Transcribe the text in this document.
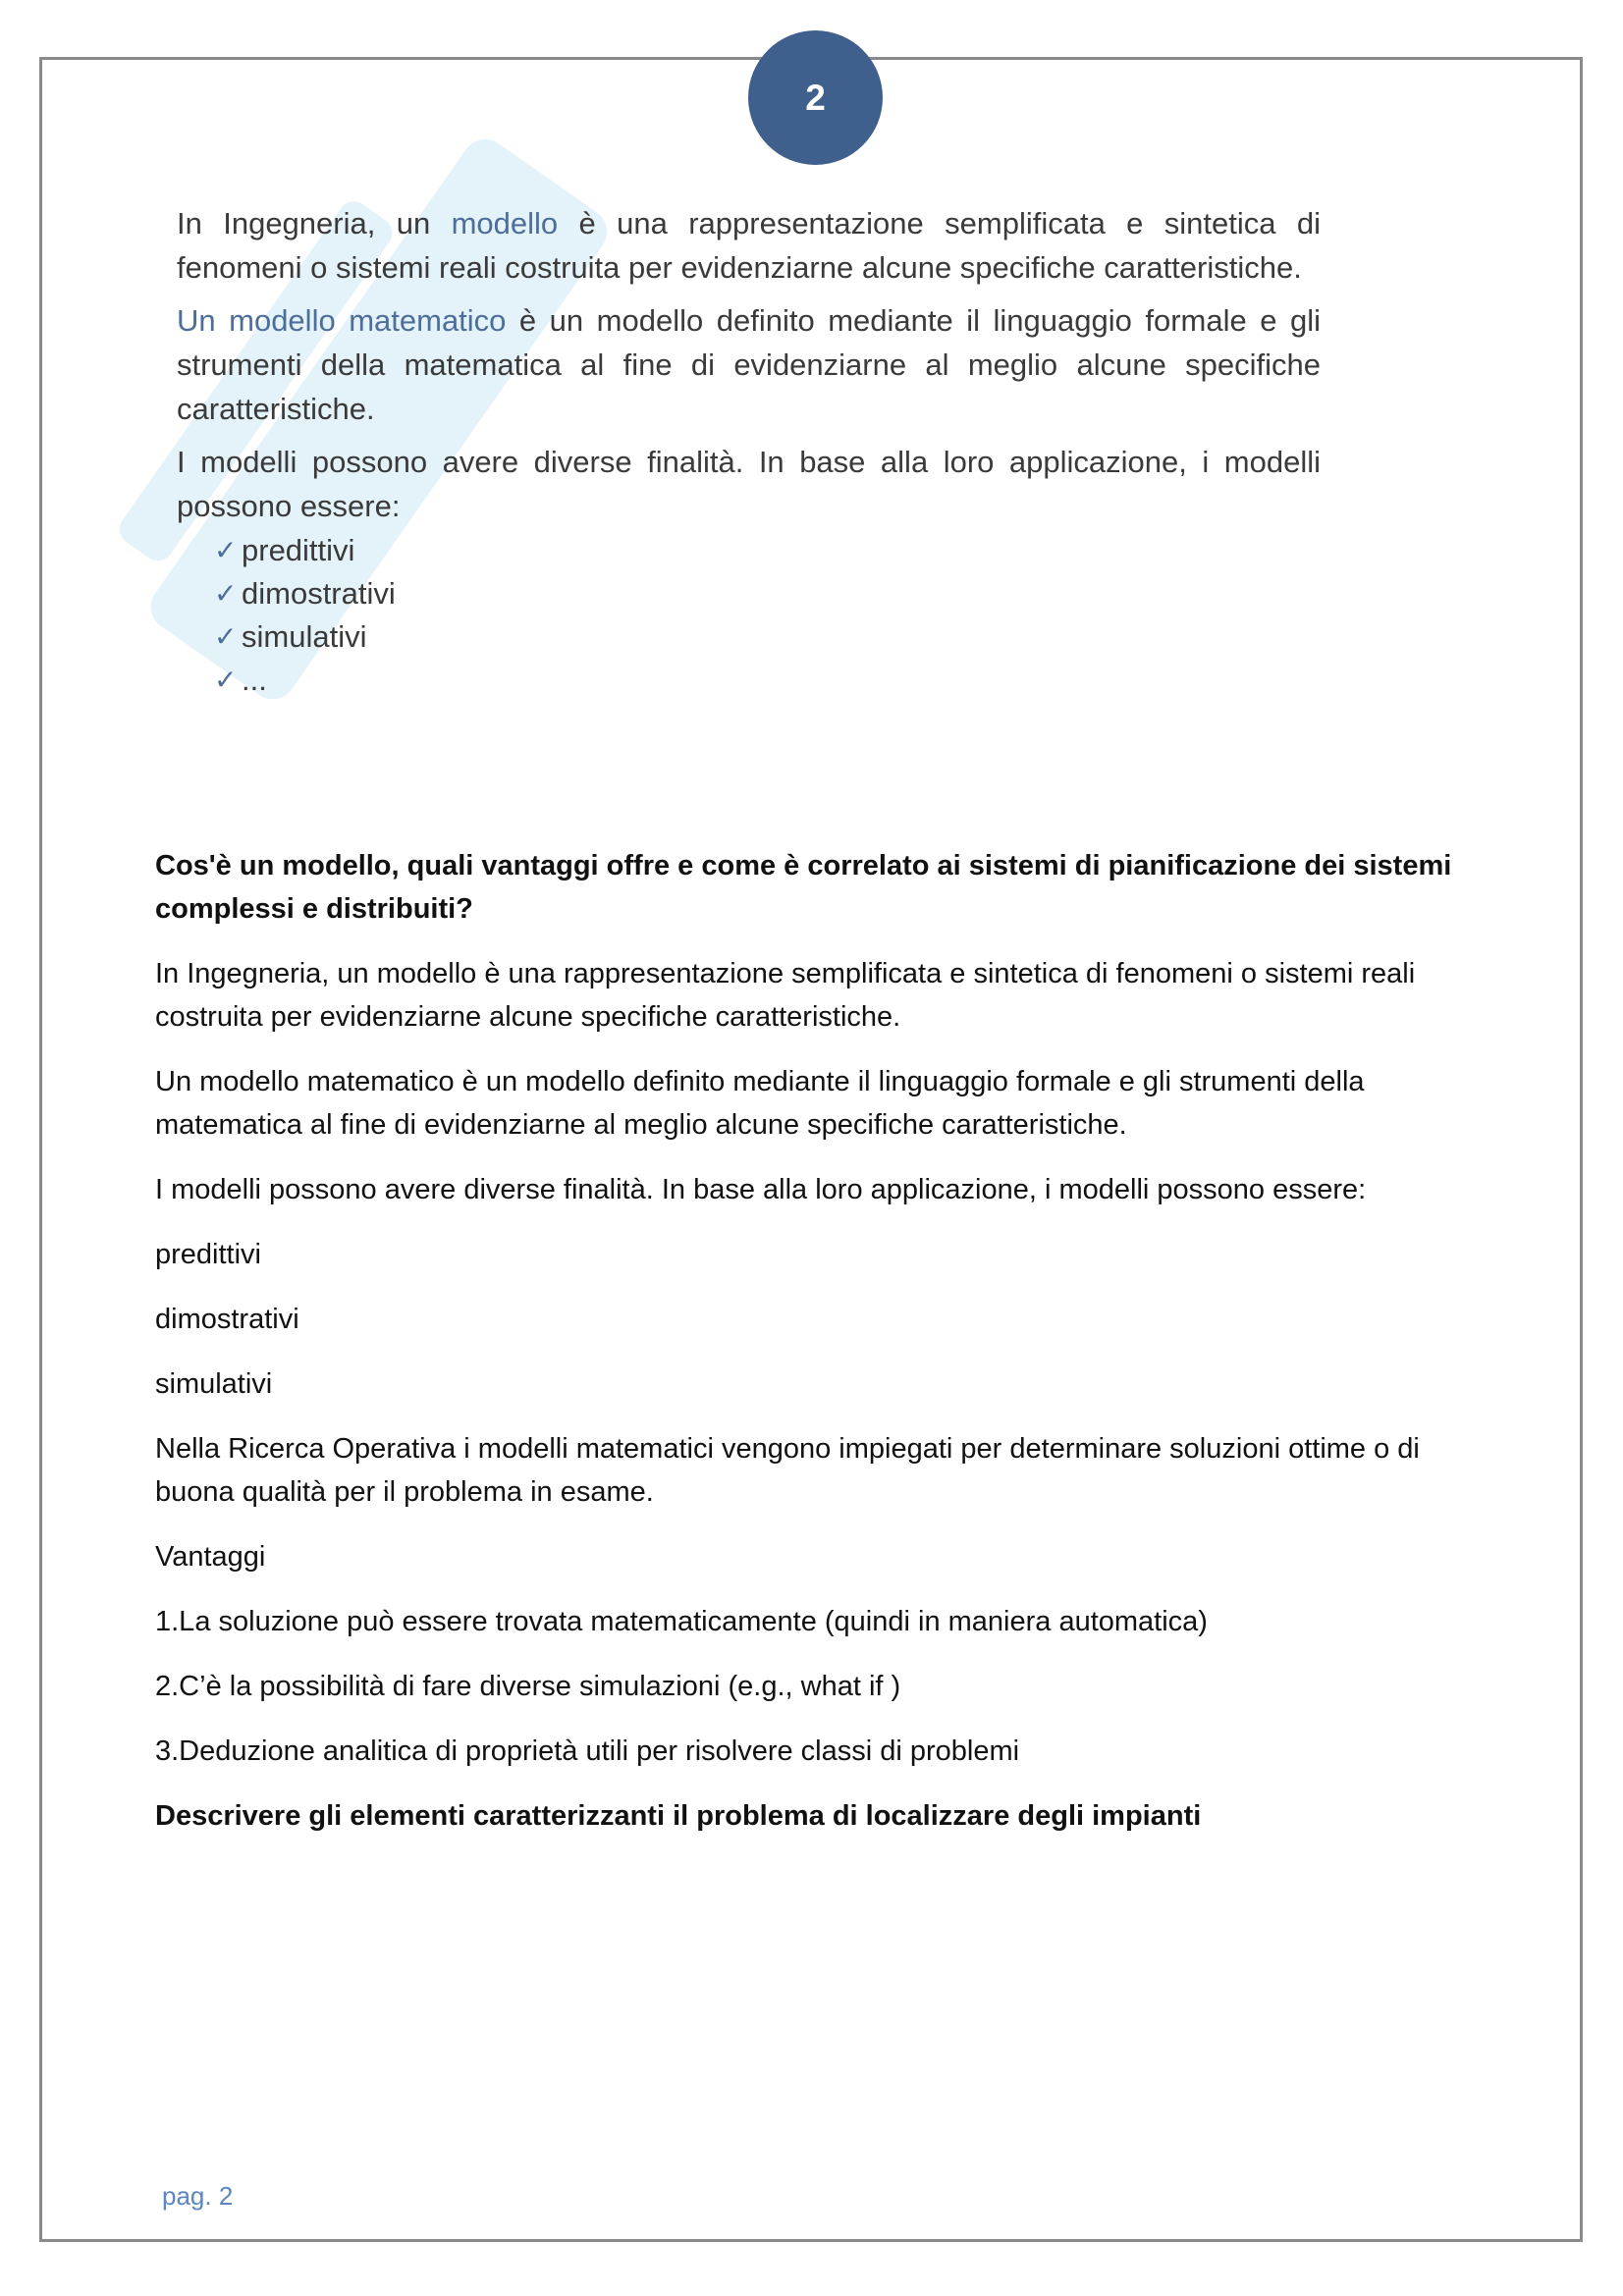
2

In Ingegneria, un modello è una rappresentazione semplificata e sintetica di fenomeni o sistemi reali costruita per evidenziarne alcune specifiche caratteristiche.

Un modello matematico è un modello definito mediante il linguaggio formale e gli strumenti della matematica al fine di evidenziarne al meglio alcune specifiche caratteristiche.

I modelli possono avere diverse finalità. In base alla loro applicazione, i modelli possono essere:

✓ predittivi
✓ dimostrativi
✓ simulativi
✓ ...

Cos'è un modello, quali vantaggi offre e come è correlato ai sistemi di pianificazione dei sistemi complessi e distribuiti?

In Ingegneria, un modello è una rappresentazione semplificata e sintetica di fenomeni o sistemi reali costruita per evidenziarne alcune specifiche caratteristiche.

Un modello matematico è un modello definito mediante il linguaggio formale e gli strumenti della matematica al fine di evidenziarne al meglio alcune specifiche caratteristiche.

I modelli possono avere diverse finalità. In base alla loro applicazione, i modelli possono essere:

predittivi

dimostrativi

simulativi

Nella Ricerca Operativa i modelli matematici vengono impiegati per determinare soluzioni ottime o di buona qualità per il problema in esame.

Vantaggi

1.La soluzione può essere trovata matematicamente (quindi in maniera automatica)

2.C’è la possibilità di fare diverse simulazioni (e.g., what if )

3.Deduzione analitica di proprietà utili per risolvere classi di problemi

Descrivere gli elementi caratterizzanti il problema di localizzare degli impianti

pag. 2
